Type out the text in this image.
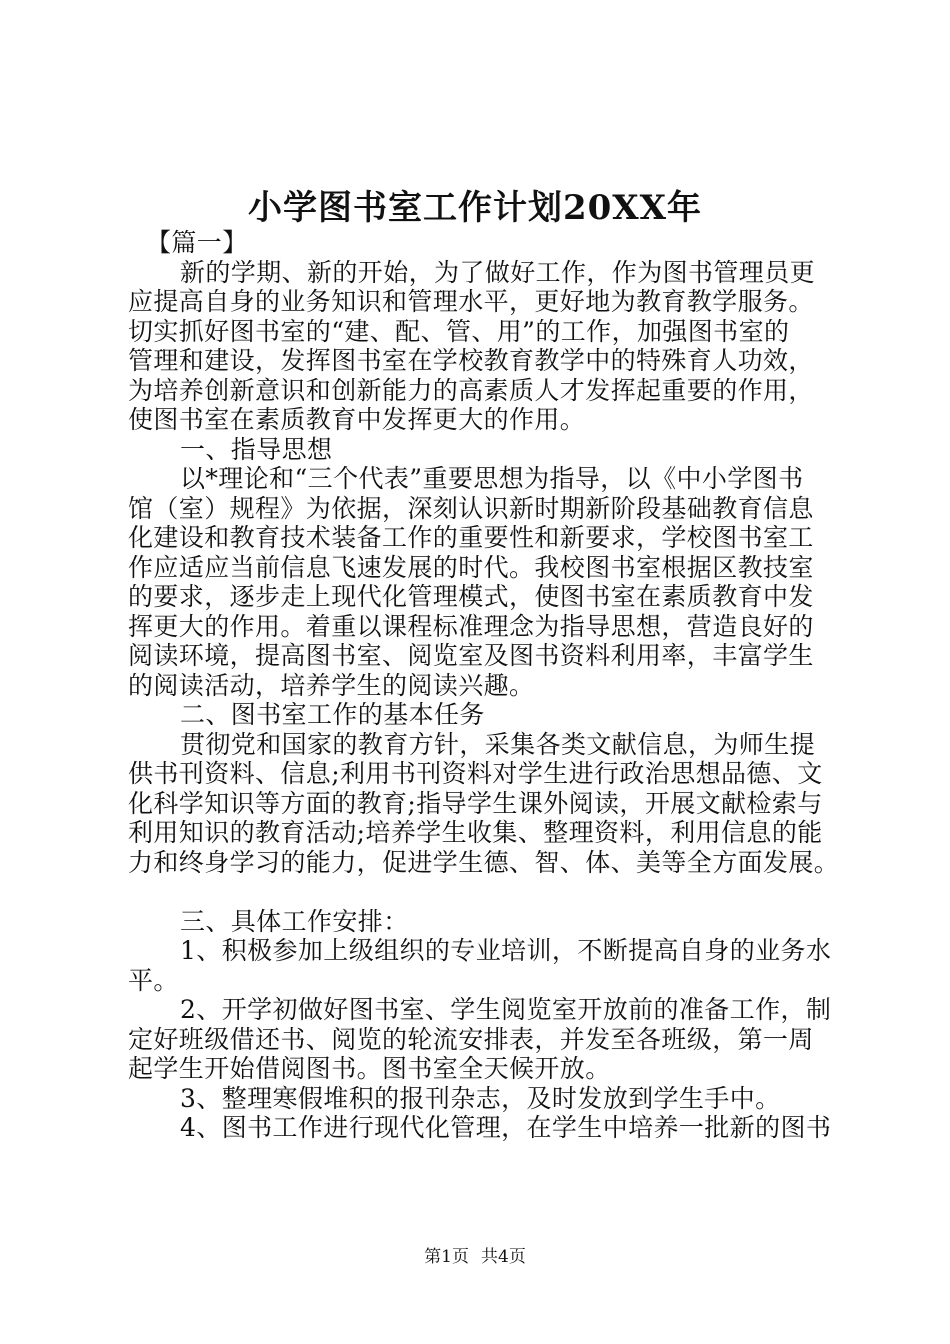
小学图书室工作计划20XX年
【篇一】
新的学期、新的开始，为了做好工作，作为图书管理员更
应提高自身的业务知识和管理水平，更好地为教育教学服务。
切实抓好图书室的“建、配、管、用”的工作，加强图书室的
管理和建设，发挥图书室在学校教育教学中的特殊育人功效，
为培养创新意识和创新能力的高素质人才发挥起重要的作用，
使图书室在素质教育中发挥更大的作用。
一、指导思想
以*理论和“三个代表”重要思想为指导，以《中小学图书
馆（室）规程》为依据，深刻认识新时期新阶段基础教育信息
化建设和教育技术装备工作的重要性和新要求，学校图书室工
作应适应当前信息飞速发展的时代。我校图书室根据区教技室
的要求，逐步走上现代化管理模式，使图书室在素质教育中发
挥更大的作用。着重以课程标准理念为指导思想，营造良好的
阅读环境，提高图书室、阅览室及图书资料利用率，丰富学生
的阅读活动，培养学生的阅读兴趣。
二、图书室工作的基本任务
贯彻党和国家的教育方针，采集各类文献信息，为师生提
供书刊资料、信息;利用书刊资料对学生进行政治思想品德、文
化科学知识等方面的教育;指导学生课外阅读，开展文献检索与
利用知识的教育活动;培养学生收集、整理资料，利用信息的能
力和终身学习的能力，促进学生德、智、体、美等全方面发展。
三、具体工作安排：
1、积极参加上级组织的专业培训，不断提高自身的业务水
平。
2、开学初做好图书室、学生阅览室开放前的准备工作，制
定好班级借还书、阅览的轮流安排表，并发至各班级，第一周
起学生开始借阅图书。图书室全天候开放。
3、整理寒假堆积的报刊杂志，及时发放到学生手中。
4、图书工作进行现代化管理，在学生中培养一批新的图书
第1页 共4页
